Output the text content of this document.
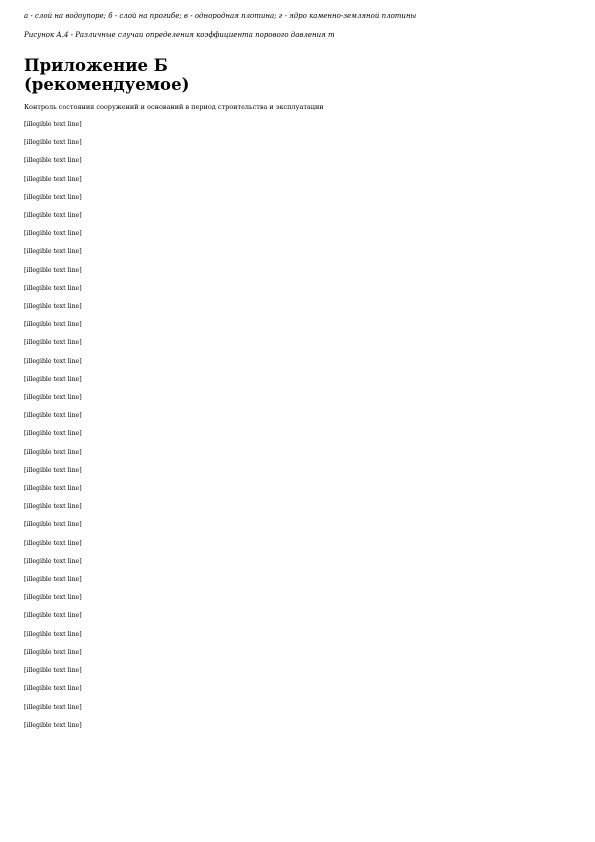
а - слой на водоупоре; б - слой на прогибе; в - однородная плотина; г - ядро каменно-земляной плотины
Рисунок А.4 - Различные случаи определения коэффициента порового давления m
Приложение Б
(рекомендуемое)
Контроль состояния сооружений и оснований в период строительства и эксплуатации
[illegible text line]
[illegible text line]
[illegible text line]
[illegible text line]
[illegible text line]
[illegible text line]
[illegible text line]
[illegible text line]
[illegible text line]
[illegible text line]
[illegible text line]
[illegible text line]
[illegible text line]
[illegible text line]
[illegible text line]
[illegible text line]
[illegible text line]
[illegible text line]
[illegible text line]
[illegible text line]
[illegible text line]
[illegible text line]
[illegible text line]
[illegible text line]
[illegible text line]
[illegible text line]
[illegible text line]
[illegible text line]
[illegible text line]
[illegible text line]
[illegible text line]
[illegible text line]
[illegible text line]
[illegible text line]
